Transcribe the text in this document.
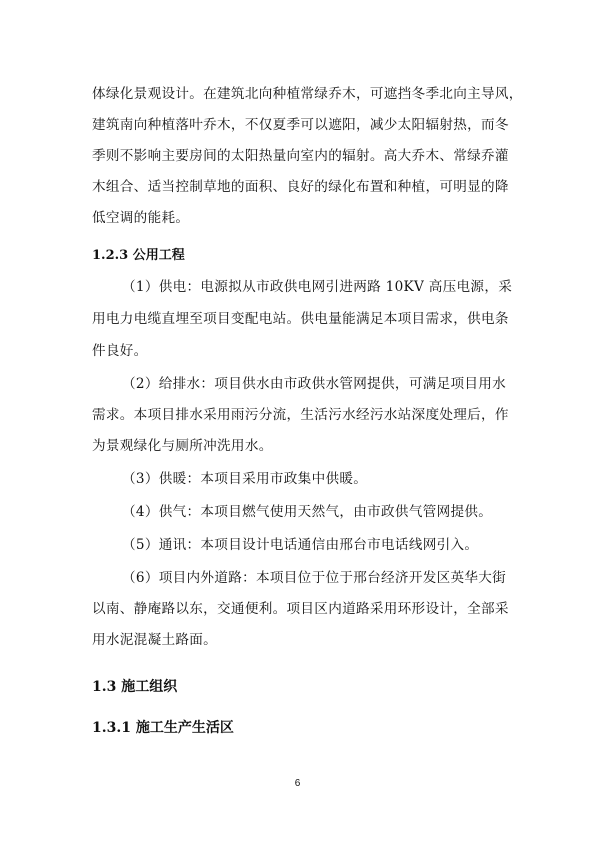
体绿化景观设计。在建筑北向种植常绿乔木，可遮挡冬季北向主导风，
建筑南向种植落叶乔木，不仅夏季可以遮阳，减少太阳辐射热，而冬
季则不影响主要房间的太阳热量向室内的辐射。高大乔木、常绿乔灌
木组合、适当控制草地的面积、良好的绿化布置和种植，可明显的降
低空调的能耗。
1.2.3 公用工程
（1）供电：电源拟从市政供电网引进两路 10KV 高压电源，采
用电力电缆直埋至项目变配电站。供电量能满足本项目需求，供电条
件良好。
（2）给排水：项目供水由市政供水管网提供，可满足项目用水
需求。本项目排水采用雨污分流，生活污水经污水站深度处理后，作
为景观绿化与厕所冲洗用水。
（3）供暖：本项目采用市政集中供暖。
（4）供气：本项目燃气使用天然气，由市政供气管网提供。
（5）通讯：本项目设计电话通信由邢台市电话线网引入。
（6）项目内外道路：本项目位于位于邢台经济开发区英华大街
以南、静庵路以东，交通便利。项目区内道路采用环形设计，全部采
用水泥混凝土路面。
1.3 施工组织
1.3.1 施工生产生活区
6
